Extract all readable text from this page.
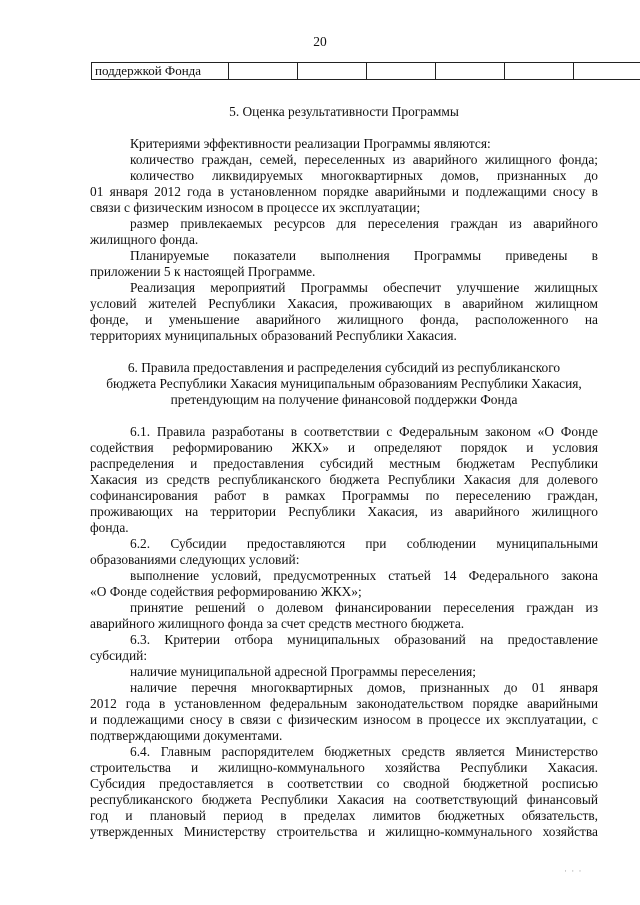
20
поддержкой Фонда						
5. Оценка результативности Программы
Критериями эффективности реализации Программы являются:
количество граждан, семей, переселенных из аварийного жилищного фонда;
количество ликвидируемых многоквартирных домов, признанных до
01 января 2012 года в установленном порядке аварийными и подлежащими сносу в
связи с физическим износом в процессе их эксплуатации;
размер привлекаемых ресурсов для переселения граждан из аварийного
жилищного фонда.
Планируемые показатели выполнения Программы приведены в
приложении 5 к настоящей Программе.
Реализация мероприятий Программы обеспечит улучшение жилищных
условий жителей Республики Хакасия, проживающих в аварийном жилищном
фонде, и уменьшение аварийного жилищного фонда, расположенного на
территориях муниципальных образований Республики Хакасия.
6. Правила предоставления и распределения субсидий из республиканского
бюджета Республики Хакасия муниципальным образованиям Республики Хакасия,
претендующим на получение финансовой поддержки Фонда
6.1. Правила разработаны в соответствии с Федеральным законом «О Фонде
содействия реформированию ЖКХ» и определяют порядок и условия
распределения и предоставления субсидий местным бюджетам Республики
Хакасия из средств республиканского бюджета Республики Хакасия для долевого
софинансирования работ в рамках Программы по переселению граждан,
проживающих на территории Республики Хакасия, из аварийного жилищного
фонда.
6.2. Субсидии предоставляются при соблюдении муниципальными
образованиями следующих условий:
выполнение условий, предусмотренных статьей 14 Федерального закона
«О Фонде содействия реформированию ЖКХ»;
принятие решений о долевом финансировании переселения граждан из
аварийного жилищного фонда за счет средств местного бюджета.
6.3. Критерии отбора муниципальных образований на предоставление
субсидий:
наличие муниципальной адресной Программы переселения;
наличие перечня многоквартирных домов, признанных до 01 января
2012 года в установленном федеральным законодательством порядке аварийными
и подлежащими сносу в связи с физическим износом в процессе их эксплуатации, с
подтверждающими документами.
6.4. Главным распорядителем бюджетных средств является Министерство
строительства и жилищно-коммунального хозяйства Республики Хакасия.
Субсидия предоставляется в соответствии со сводной бюджетной росписью
республиканского бюджета Республики Хакасия на соответствующий финансовый
год и плановый период в пределах лимитов бюджетных обязательств,
утвержденных Министерству строительства и жилищно-коммунального хозяйства
· · ·
